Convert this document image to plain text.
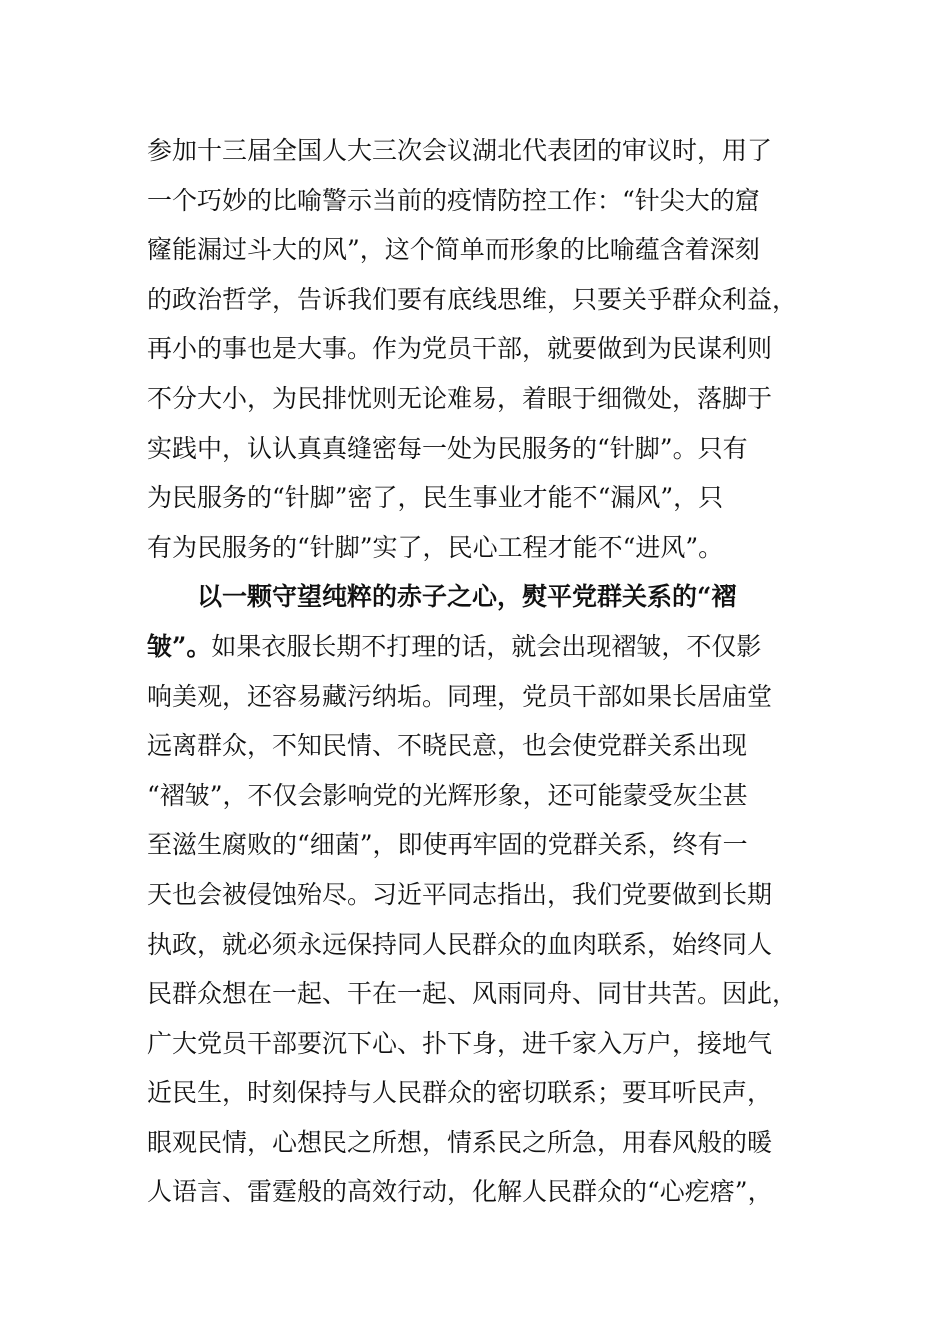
参加十三届全国人大三次会议湖北代表团的审议时，用了
一个巧妙的比喻警示当前的疫情防控工作：“针尖大的窟
窿能漏过斗大的风”，这个简单而形象的比喻蕴含着深刻
的政治哲学，告诉我们要有底线思维，只要关乎群众利益，
再小的事也是大事。作为党员干部，就要做到为民谋利则
不分大小，为民排忧则无论难易，着眼于细微处，落脚于
实践中，认认真真缝密每一处为民服务的“针脚”。只有
为民服务的“针脚”密了，民生事业才能不“漏风”，只
有为民服务的“针脚”实了，民心工程才能不“进风”。
以一颗守望纯粹的赤子之心，熨平党群关系的“褶
皱”。如果衣服长期不打理的话，就会出现褶皱，不仅影
响美观，还容易藏污纳垢。同理，党员干部如果长居庙堂
远离群众，不知民情、不晓民意，也会使党群关系出现
“褶皱”，不仅会影响党的光辉形象，还可能蒙受灰尘甚
至滋生腐败的“细菌”，即使再牢固的党群关系，终有一
天也会被侵蚀殆尽。习近平同志指出，我们党要做到长期
执政，就必须永远保持同人民群众的血肉联系，始终同人
民群众想在一起、干在一起、风雨同舟、同甘共苦。因此，
广大党员干部要沉下心、扑下身，进千家入万户，接地气
近民生，时刻保持与人民群众的密切联系；要耳听民声，
眼观民情，心想民之所想，情系民之所急，用春风般的暖
人语言、雷霆般的高效行动，化解人民群众的“心疙瘩”，
